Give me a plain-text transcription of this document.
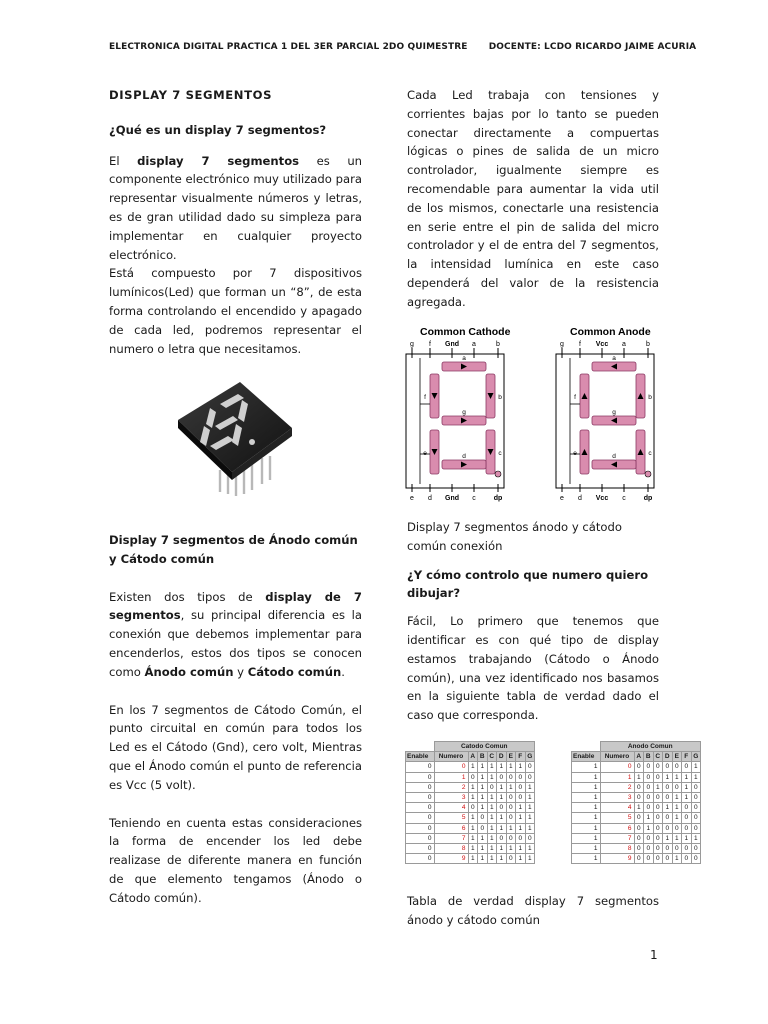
ELECTRONICA DIGITAL PRACTICA 1 DEL 3ER PARCIAL 2DO QUIMESTRE DOCENTE: LCDO RICARDO JAIME ACURIA

DISPLAY 7 SEGMENTOS

¿Qué es un display 7 segmentos?

El display 7 segmentos es un componente electrónico muy utilizado para representar visualmente números y letras, es de gran utilidad dado su simpleza para implementar en cualquier proyecto electrónico.

Está compuesto por 7 dispositivos lumínicos(Led) que forman un “8”, de esta forma controlando el encendido y apagado de cada led, podremos representar el numero o letra que necesitamos.

Display 7 segmentos de Ánodo común y Cátodo común

Existen dos tipos de display de 7 segmentos, su principal diferencia es la conexión que debemos implementar para encenderlos, estos dos tipos se conocen como Ánodo común y Cátodo común.

En los 7 segmentos de Cátodo Común, el punto circuital en común para todos los Led es el Cátodo (Gnd), cero volt, Mientras que el Ánodo común el punto de referencia es Vcc (5 volt).

Teniendo en cuenta estas consideraciones la forma de encender los led debe realizase de diferente manera en función de que elemento tengamos (Ánodo o Cátodo común).

Cada Led trabaja con tensiones y corrientes bajas por lo tanto se pueden conectar directamente a compuertas lógicas o pines de salida de un micro controlador, igualmente siempre es recomendable para aumentar la vida util de los mismos, conectarle una resistencia en serie entre el pin de salida del micro controlador y el de entra del 7 segmentos, la intensidad lumínica en este caso dependerá del valor de la resistencia agregada.

Common Cathode
g f Gnd a	b
e d Gnd c	dp
a
b
c
d
e
f
g
Common Anode
g f Vcc a	b
e d Vcc c	dp
a
b
c
d
e
f
g

Display 7 segmentos ánodo y cátodo común conexión

¿Y cómo controlo que numero quiero dibujar?

Fácil, Lo primero que tenemos que identificar es con qué tipo de display estamos trabajando (Cátodo o Ánodo común), una vez identificado nos basamos en la siguiente tabla de verdad dado el caso que corresponda.

	Catodo Comun							
Enable	Numero	A	B	C	D	E	F	G
0	0	1	1	1	1	1	1	0
0	1	0	1	1	0	0	0	0
0	2	1	1	0	1	1	0	1
0	3	1	1	1	1	0	0	1
0	4	0	1	1	0	0	1	1
0	5	1	0	1	1	0	1	1
0	6	1	0	1	1	1	1	1
0	7	1	1	1	0	0	0	0
0	8	1	1	1	1	1	1	1
0	9	1	1	1	1	0	1	1
	Anodo Comun							
Enable	Numero	A	B	C	D	E	F	G
1	0	0	0	0	0	0	0	1
1	1	1	0	0	1	1	1	1
1	2	0	0	1	0	0	1	0
1	3	0	0	0	0	1	1	0
1	4	1	0	0	1	1	0	0
1	5	0	1	0	0	1	0	0
1	6	0	1	0	0	0	0	0
1	7	0	0	0	1	1	1	1
1	8	0	0	0	0	0	0	0
1	9	0	0	0	0	1	0	0

Tabla de verdad display 7 segmentos ánodo y cátodo común

1
